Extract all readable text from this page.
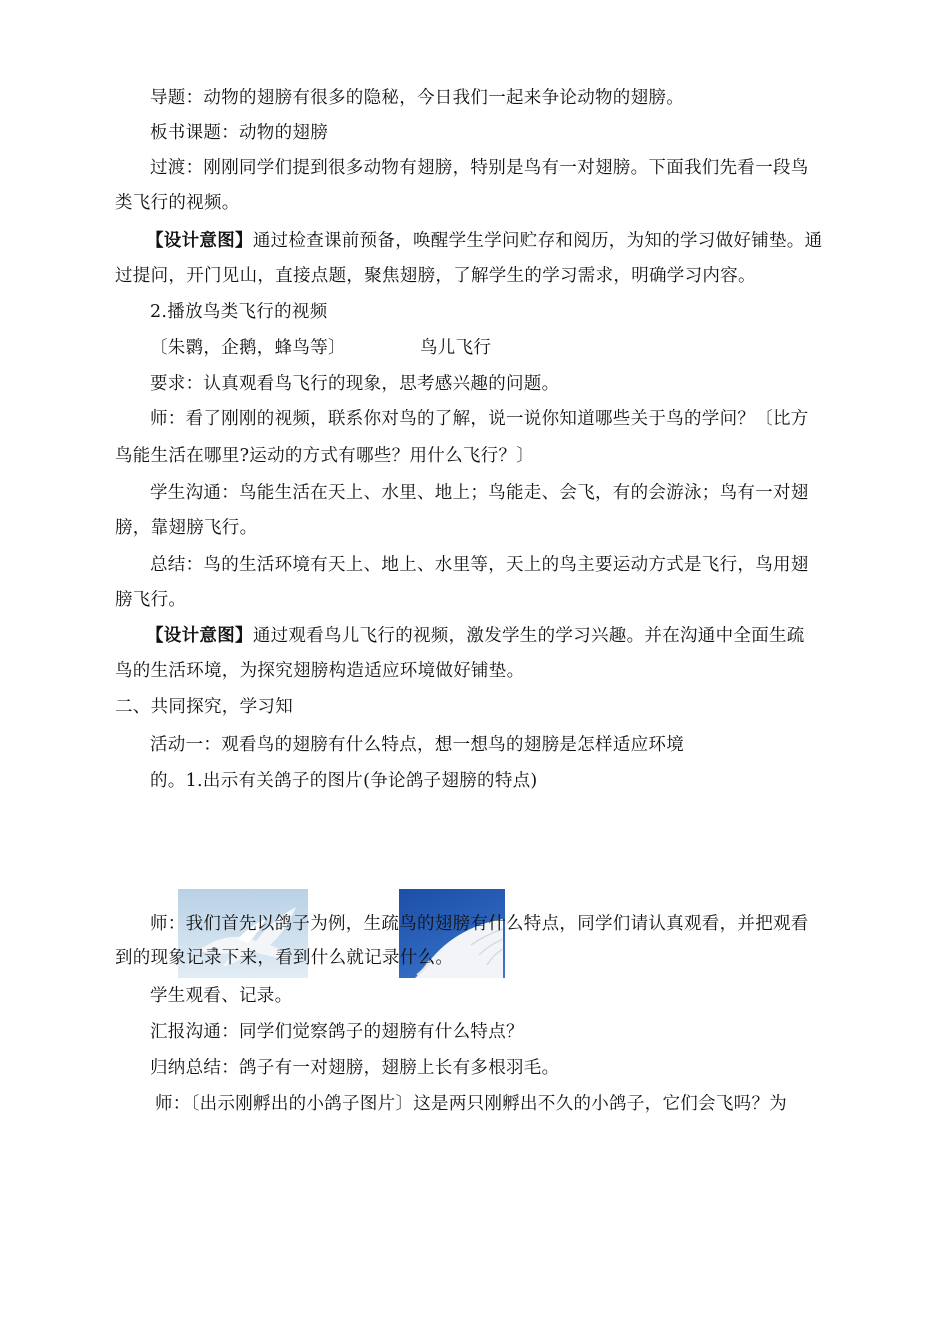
导题：动物的翅膀有很多的隐秘，今日我们一起来争论动物的翅膀。
板书课题：动物的翅膀
过渡：刚刚同学们提到很多动物有翅膀，特别是鸟有一对翅膀。下面我们先看一段鸟
类飞行的视频。
【设计意图】通过检查课前预备，唤醒学生学问贮存和阅历，为知的学习做好铺垫。通
过提问，开门见山，直接点题，聚焦翅膀，了解学生的学习需求，明确学习内容。
2.播放鸟类飞行的视频
〔朱鹮，企鹅，蜂鸟等〕	鸟儿飞行
要求：认真观看鸟飞行的现象，思考感兴趣的问题。
师：看了刚刚的视频，联系你对鸟的了解，说一说你知道哪些关于鸟的学问？〔比方
鸟能生活在哪里?运动的方式有哪些？用什么飞行？〕
学生沟通：鸟能生活在天上、水里、地上；鸟能走、会飞，有的会游泳；鸟有一对翅
膀，靠翅膀飞行。
总结：鸟的生活环境有天上、地上、水里等，天上的鸟主要运动方式是飞行，鸟用翅
膀飞行。
【设计意图】通过观看鸟儿飞行的视频，激发学生的学习兴趣。并在沟通中全面生疏
鸟的生活环境，为探究翅膀构造适应环境做好铺垫。
二、共同探究，学习知
活动一：观看鸟的翅膀有什么特点，想一想鸟的翅膀是怎样适应环境
的。1.出示有关鸽子的图片(争论鸽子翅膀的特点)
师：我们首先以鸽子为例，生疏鸟的翅膀有什么特点，同学们请认真观看，并把观看
到的现象记录下来，看到什么就记录什么。
学生观看、记录。
汇报沟通：同学们觉察鸽子的翅膀有什么特点？
归纳总结：鸽子有一对翅膀，翅膀上长有多根羽毛。
师：〔出示刚孵出的小鸽子图片〕这是两只刚孵出不久的小鸽子，它们会飞吗？为
